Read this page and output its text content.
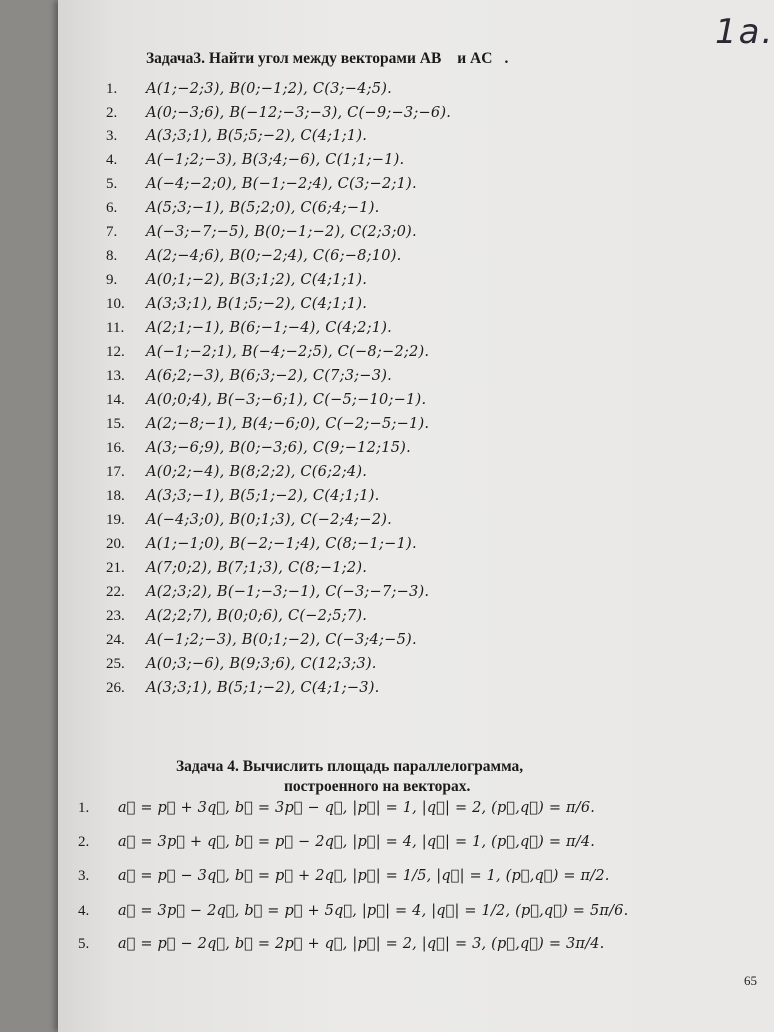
1a.
Задача3. Найти угол между векторами AB⃗ и AC⃗.
1. A(1;−2;3), B(0;−1;2), C(3;−4;5).
2. A(0;−3;6), B(−12;−3;−3), C(−9;−3;−6).
3. A(3;3;1), B(5;5;−2), C(4;1;1).
4. A(−1;2;−3), B(3;4;−6), C(1;1;−1).
5. A(−4;−2;0), B(−1;−2;4), C(3;−2;1).
6. A(5;3;−1), B(5;2;0), C(6;4;−1).
7. A(−3;−7;−5), B(0;−1;−2), C(2;3;0).
8. A(2;−4;6), B(0;−2;4), C(6;−8;10).
9. A(0;1;−2), B(3;1;2), C(4;1;1).
10. A(3;3;1), B(1;5;−2), C(4;1;1).
11. A(2;1;−1), B(6;−1;−4), C(4;2;1).
12. A(−1;−2;1), B(−4;−2;5), C(−8;−2;2).
13. A(6;2;−3), B(6;3;−2), C(7;3;−3).
14. A(0;0;4), B(−3;−6;1), C(−5;−10;−1).
15. A(2;−8;−1), B(4;−6;0), C(−2;−5;−1).
16. A(3;−6;9), B(0;−3;6), C(9;−12;15).
17. A(0;2;−4), B(8;2;2), C(6;2;4).
18. A(3;3;−1), B(5;1;−2), C(4;1;1).
19. A(−4;3;0), B(0;1;3), C(−2;4;−2).
20. A(1;−1;0), B(−2;−1;4), C(8;−1;−1).
21. A(7;0;2), B(7;1;3), C(8;−1;2).
22. A(2;3;2), B(−1;−3;−1), C(−3;−7;−3).
23. A(2;2;7), B(0;0;6), C(−2;5;7).
24. A(−1;2;−3), B(0;1;−2), C(−3;4;−5).
25. A(0;3;−6), B(9;3;6), C(12;3;3).
26. A(3;3;1), B(5;1;−2), C(4;1;−3).
Задача 4. Вычислить площадь параллелограмма,
построенного на векторах.
1. a⃗ = p⃗ + 3q⃗, b⃗ = 3p⃗ − q⃗, |p⃗| = 1, |q⃗| = 2, (p⃗,q⃗) = π/6.
2. a⃗ = 3p⃗ + q⃗, b⃗ = p⃗ − 2q⃗, |p⃗| = 4, |q⃗| = 1, (p⃗,q⃗) = π/4.
3. a⃗ = p⃗ − 3q⃗, b⃗ = p⃗ + 2q⃗, |p⃗| = 1/5, |q⃗| = 1, (p⃗,q⃗) = π/2.
4. a⃗ = 3p⃗ − 2q⃗, b⃗ = p⃗ + 5q⃗, |p⃗| = 4, |q⃗| = 1/2, (p⃗,q⃗) = 5π/6.
5. a⃗ = p⃗ − 2q⃗, b⃗ = 2p⃗ + q⃗, |p⃗| = 2, |q⃗| = 3, (p⃗,q⃗) = 3π/4.
65
